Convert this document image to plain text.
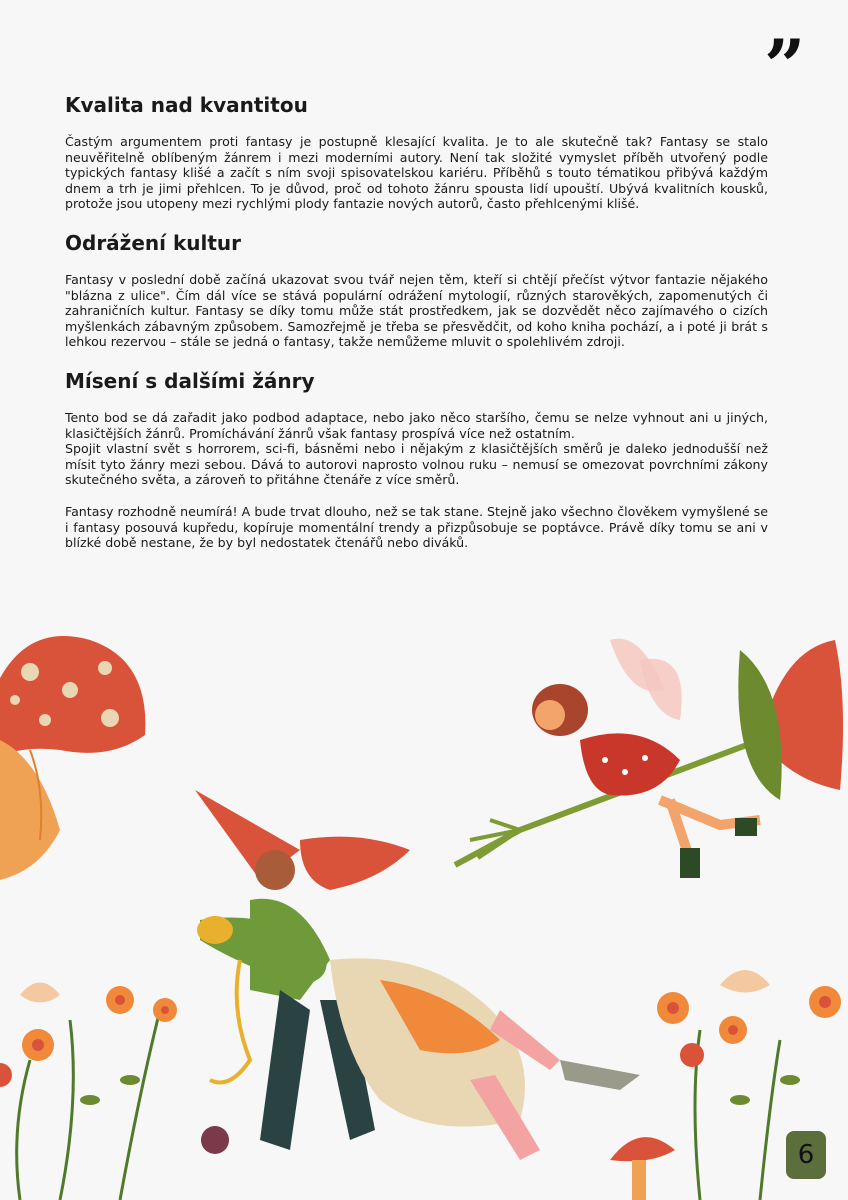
”
Kvalita nad kvantitou

Častým argumentem proti fantasy je postupně klesající kvalita. Je to ale skutečně tak? Fantasy se stalo neuvěřitelně oblíbeným žánrem i mezi moderními autory. Není tak složité vymyslet příběh utvořený podle typických fantasy klišé a začít s ním svoji spisovatelskou kariéru. Příběhů s touto tématikou přibývá každým dnem a trh je jimi přehlcen. To je důvod, proč od tohoto žánru spousta lidí upouští. Ubývá kvalitních kousků, protože jsou utopeny mezi rychlými plody fantazie nových autorů, často přehlcenými klišé.

Odrážení kultur

Fantasy v poslední době začíná ukazovat svou tvář nejen těm, kteří si chtějí přečíst výtvor fantazie nějakého "blázna z ulice". Čím dál více se stává populární odrážení mytologií, různých starověkých, zapomenutých či zahraničních kultur. Fantasy se díky tomu může stát prostředkem, jak se dozvědět něco zajímavého o cizích myšlenkách zábavným způsobem. Samozřejmě je třeba se přesvědčit, od koho kniha pochází, a i poté ji brát s lehkou rezervou – stále se jedná o fantasy, takže nemůžeme mluvit o spolehlivém zdroji.

Mísení s dalšími žánry

Tento bod se dá zařadit jako podbod adaptace, nebo jako něco staršího, čemu se nelze vyhnout ani u jiných, klasičtějších žánrů. Promíchávání žánrů však fantasy prospívá více než ostatním.

Spojit vlastní svět s horrorem, sci-fi, básněmi nebo i nějakým z klasičtějších směrů je daleko jednodušší než mísit tyto žánry mezi sebou. Dává to autorovi naprosto volnou ruku – nemusí se omezovat povrchními zákony skutečného světa, a zároveň to přitáhne čtenáře z více směrů.

Fantasy rozhodně neumírá! A bude trvat dlouho, než se tak stane. Stejně jako všechno člověkem vymyšlené se i fantasy posouvá kupředu, kopíruje momentální trendy a přizpůsobuje se poptávce. Právě díky tomu se ani v blízké době nestane, že by byl nedostatek čtenářů nebo diváků.

6
